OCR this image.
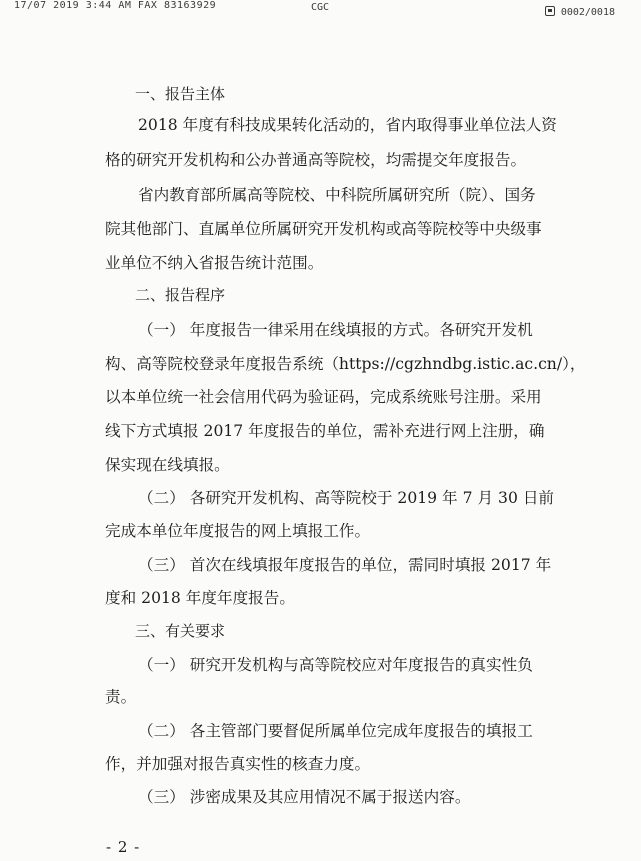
17/07 2019 3:44 AM FAX 83163929	CGC	0002/0018
一、报告主体
2018 年度有科技成果转化活动的，省内取得事业单位法人资
格的研究开发机构和公办普通高等院校，均需提交年度报告。
省内教育部所属高等院校、中科院所属研究所（院）、国务
院其他部门、直属单位所属研究开发机构或高等院校等中央级事
业单位不纳入省报告统计范围。
二、报告程序
（一） 年度报告一律采用在线填报的方式。各研究开发机
构、高等院校登录年度报告系统（https://cgzhndbg.istic.ac.cn/），
以本单位统一社会信用代码为验证码，完成系统账号注册。采用
线下方式填报 2017 年度报告的单位，需补充进行网上注册，确
保实现在线填报。
（二） 各研究开发机构、高等院校于 2019 年 7 月 30 日前
完成本单位年度报告的网上填报工作。
（三） 首次在线填报年度报告的单位，需同时填报 2017 年
度和 2018 年度年度报告。
三、有关要求
（一） 研究开发机构与高等院校应对年度报告的真实性负
责。
（二） 各主管部门要督促所属单位完成年度报告的填报工
作，并加强对报告真实性的核查力度。
（三） 涉密成果及其应用情况不属于报送内容。
- 2 -
